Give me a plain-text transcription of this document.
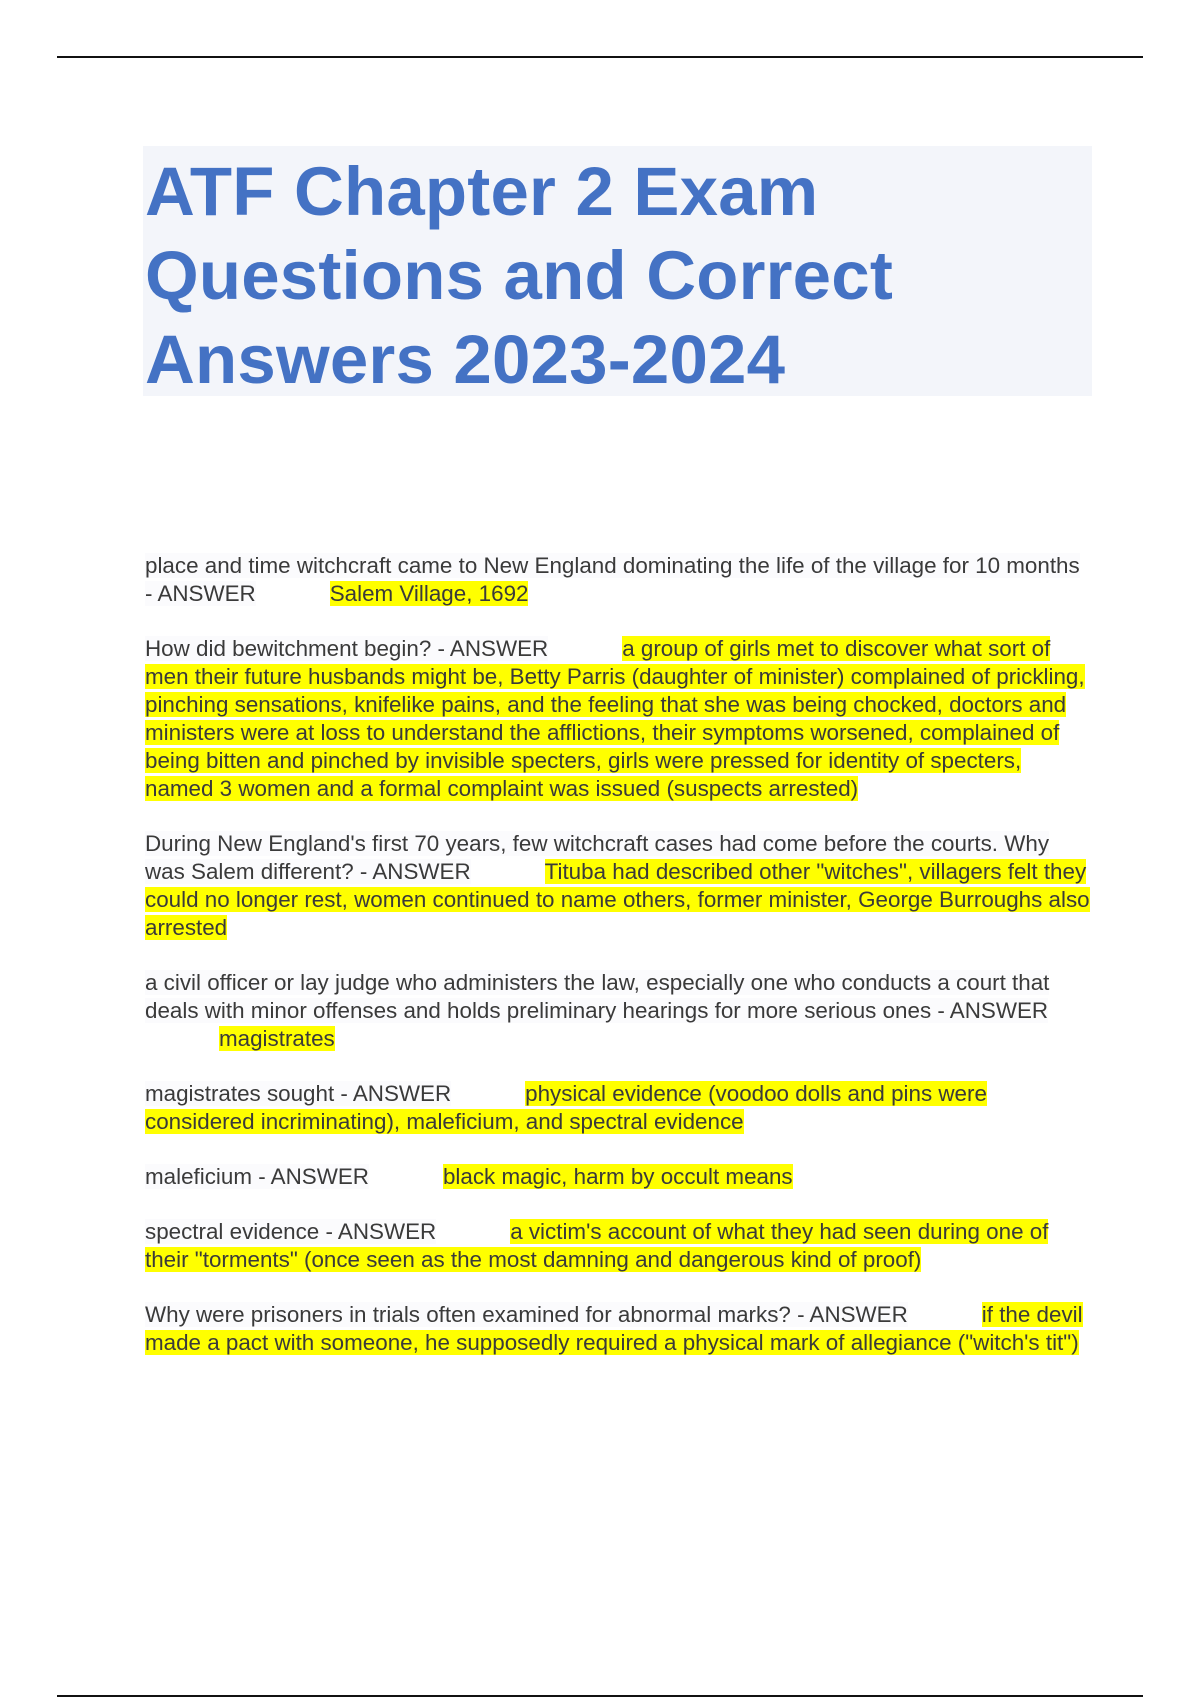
ATF Chapter 2 Exam Questions and Correct Answers 2023-2024

place and time witchcraft came to New England dominating the life of the village for 10 months - ANSWER	Salem Village, 1692

How did bewitchment begin? - ANSWER	a group of girls met to discover what sort of men their future husbands might be, Betty Parris (daughter of minister) complained of prickling, pinching sensations, knifelike pains, and the feeling that she was being chocked, doctors and ministers were at loss to understand the afflictions, their symptoms worsened, complained of being bitten and pinched by invisible specters, girls were pressed for identity of specters, named 3 women and a formal complaint was issued (suspects arrested)

During New England's first 70 years, few witchcraft cases had come before the courts. Why was Salem different? - ANSWER	Tituba had described other "witches", villagers felt they could no longer rest, women continued to name others, former minister, George Burroughs also arrested

a civil officer or lay judge who administers the law, especially one who conducts a court that deals with minor offenses and holds preliminary hearings for more serious ones - ANSWERmagistrates

magistrates sought - ANSWER	physical evidence (voodoo dolls and pins were considered incriminating), maleficium, and spectral evidence

maleficium - ANSWER	black magic, harm by occult means

spectral evidence - ANSWER	a victim's account of what they had seen during one of their "torments" (once seen as the most damning and dangerous kind of proof)

Why were prisoners in trials often examined for abnormal marks? - ANSWER	if the devil made a pact with someone, he supposedly required a physical mark of allegiance ("witch's tit")
